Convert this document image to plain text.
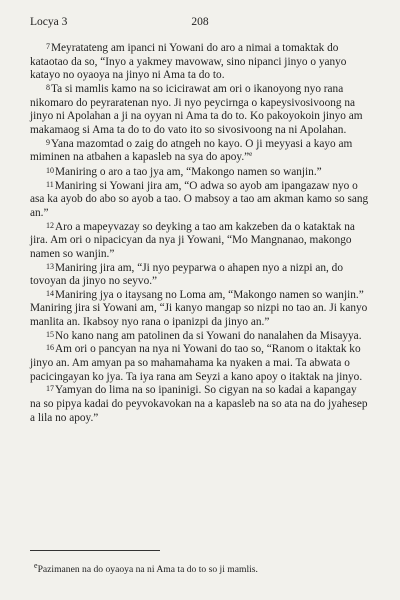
Locya 3	208

7Meyratateng am ipanci ni Yowani do aro a nimai a tomaktak do kataotao da so, “Inyo a yakmey mavowaw, sino nipanci jinyo o yanyo katayo no oyaoya na jinyo ni Ama ta do to.

8Ta si mamlis kamo na so icicirawat am ori o ikanoyong nyo rana nikomaro do peyraratenan nyo. Ji nyo peycirnga o kapeysivosivoong na jinyo ni Apolahan a ji na oyyan ni Ama ta do to. Ko pakoyokoin jinyo am makamaog si Ama ta do to do vato ito so sivosivoong na ni Apolahan.

9Yana mazomtad o zaig do atngeh no kayo. O ji meyyasi a kayo am miminen na atbahen a kapasleb na sya do apoy.”$^e$

10Maniring o aro a tao jya am, “Makongo namen so wanjin.”

11Maniring si Yowani jira am, “O adwa so ayob am ipangazaw nyo o asa ka ayob do abo so ayob a tao. O mabsoy a tao am akman kamo so sang an.”

12Aro a mapeyvazay so deyking a tao am kakzeben da o kataktak na jira. Am ori o nipacicyan da nya ji Yowani, “Mo Mangnanao, makongo namen so wanjin.”

13Maniring jira am, “Ji nyo peyparwa o ahapen nyo a nizpi an, do tovoyan da jinyo no seyvo.”

14Maniring jya o itaysang no Loma am, “Makongo namen so wanjin.” Maniring jira si Yowani am, “Ji kanyo mangap so nizpi no tao an. Ji kanyo manlita an. Ikabsoy nyo rana o ipanizpi da jinyo an.”

15No kano nang am patolinen da si Yowani do nanalahen da Misayya.

16Am ori o pancyan na nya ni Yowani do tao so, “Ranom o itaktak ko jinyo an. Am amyan pa so mahamahama ka nyaken a mai. Ta abwata o pacicingayan ko jya. Ta iya rana am Seyzi a kano apoy o itaktak na jinyo.

17Yamyan do lima na so ipaninigi. So cigyan na so kadai a kapangay na so pipya kadai do peyvokavokan na a kapasleb na so ata na do jyahesep a lila no apoy.”

$^e$Pazimanen na do oyaoya na ni Ama ta do to so ji mamlis.
